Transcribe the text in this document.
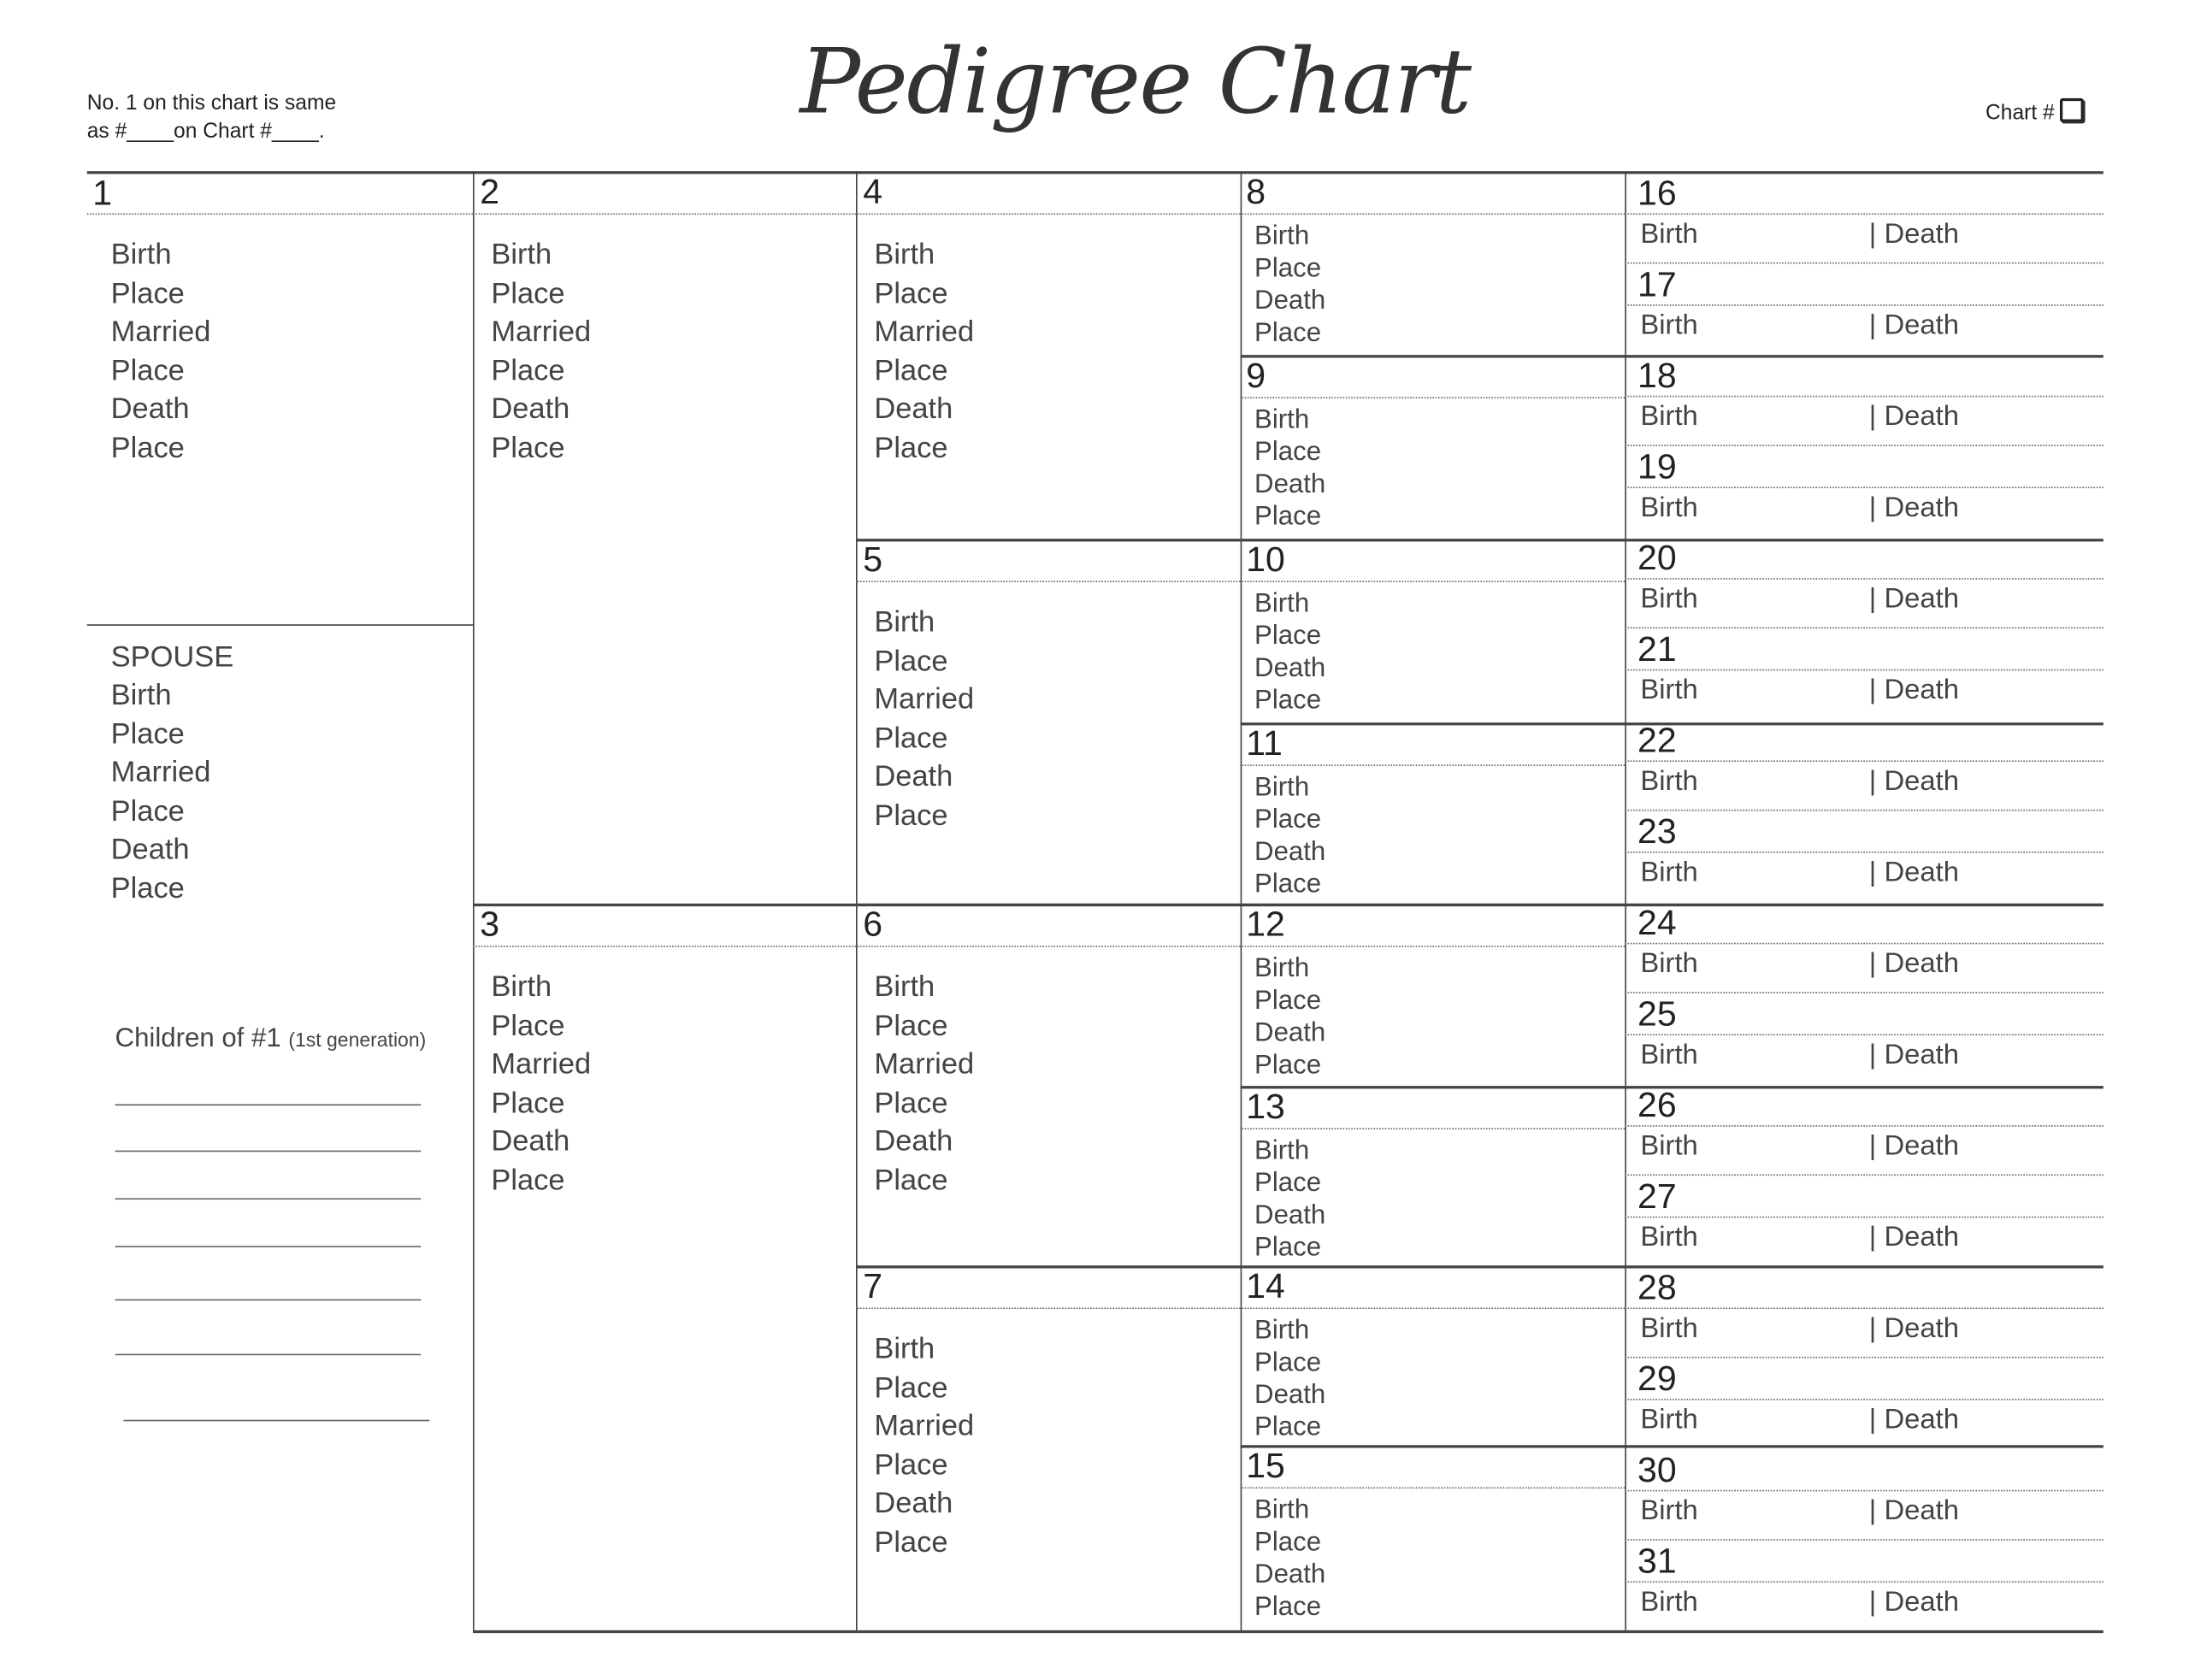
No. 1 on this chart is same
as #____on Chart #____.	Pedigree Chart	Chart #
1
Birth
Place
Married
Place
Death
Place
SPOUSE
Birth
Place
Married
Place
Death
Place
Children of #1 (1st generation)
2
Birth
Place
Married
Place
Death
Place
3
Birth
Place
Married
Place
Death
Place
4
Birth
Place
Married
Place
Death
Place
5
Birth
Place
Married
Place
Death
Place
6
Birth
Place
Married
Place
Death
Place
7
Birth
Place
Married
Place
Death
Place
8
Birth
Place
Death
Place
9
Birth
Place
Death
Place
10
Birth
Place
Death
Place
11
Birth
Place
Death
Place
12
Birth
Place
Death
Place
13
Birth
Place
Death
Place
14
Birth
Place
Death
Place
15
Birth
Place
Death
Place
16
Birth	| Death
17
Birth	| Death
18
Birth	| Death
19
Birth	| Death
20
Birth	| Death
21
Birth	| Death
22
Birth	| Death
23
Birth	| Death
24
Birth	| Death
25
Birth	| Death
26
Birth	| Death
27
Birth	| Death
28
Birth	| Death
29
Birth	| Death
30
Birth	| Death
31
Birth	| Death
